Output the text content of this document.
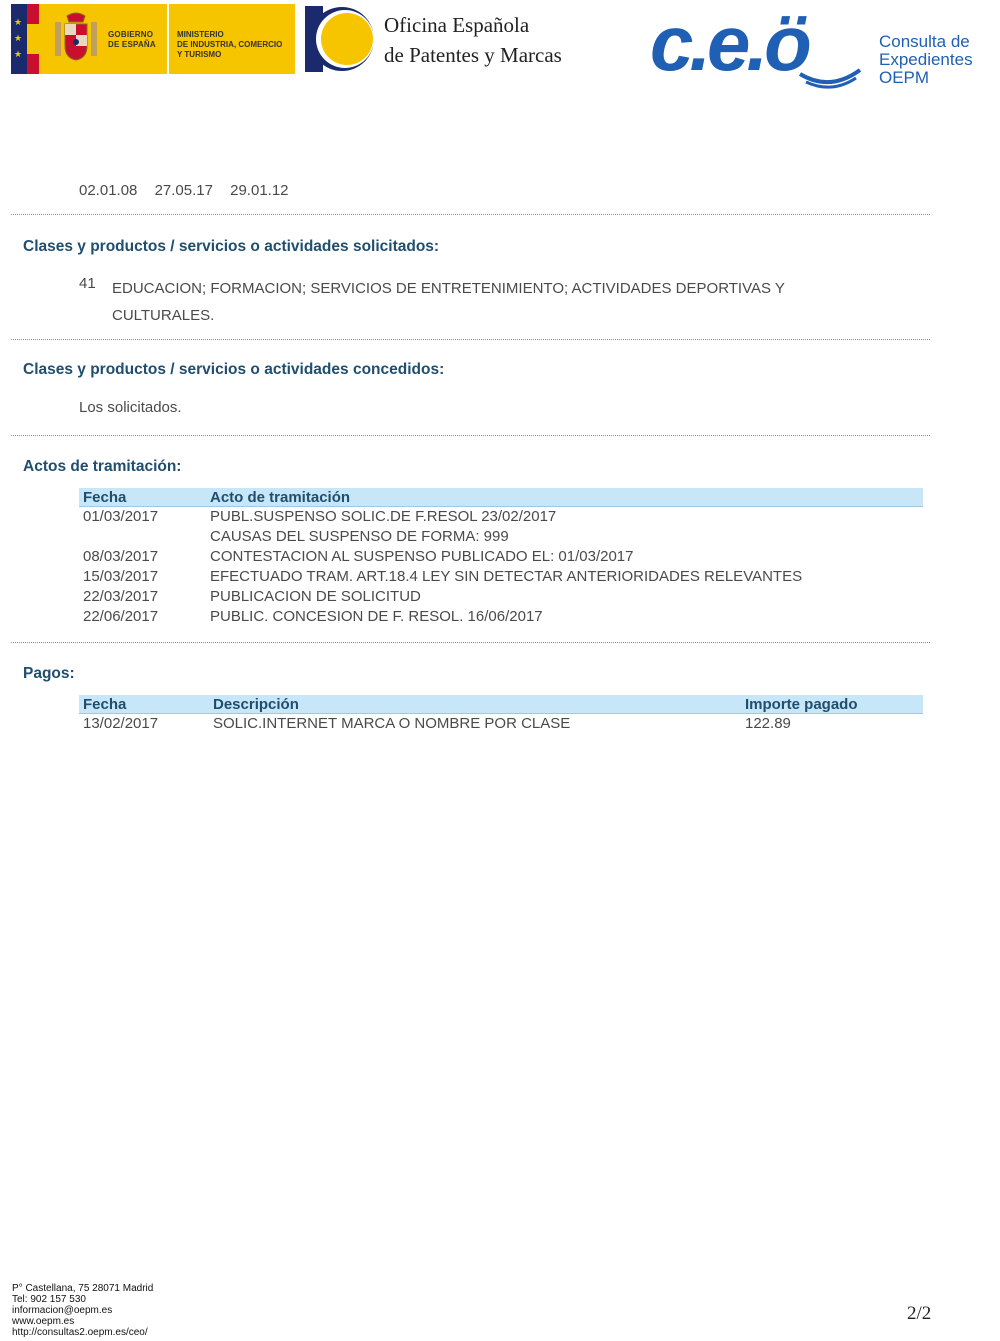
★
★
★
GOBIERNO
DE ESPAÑA
MINISTERIO
DE INDUSTRIA, COMERCIO
Y TURISMO
Oficina Española
de Patentes y Marcas c.e.ö	Consulta de
Expedientes
OEPM
02.01.08 27.05.17 29.01.12
Clases y productos / servicios o actividades solicitados:
41 EDUCACION; FORMACION; SERVICIOS DE ENTRETENIMIENTO; ACTIVIDADES DEPORTIVAS Y CULTURALES.
Clases y productos / servicios o actividades concedidos:
Los solicitados.
Actos de tramitación:
Fecha	Acto de tramitación
01/03/2017	PUBL.SUSPENSO SOLIC.DE F.RESOL 23/02/2017
	CAUSAS DEL SUSPENSO DE FORMA: 999
08/03/2017	CONTESTACION AL SUSPENSO PUBLICADO EL: 01/03/2017
15/03/2017	EFECTUADO TRAM. ART.18.4 LEY SIN DETECTAR ANTERIORIDADES RELEVANTES
22/03/2017	PUBLICACION DE SOLICITUD
22/06/2017	PUBLIC. CONCESION DE F. RESOL. 16/06/2017
Pagos:
Fecha	Descripción	Importe pagado
13/02/2017	SOLIC.INTERNET MARCA O NOMBRE POR CLASE	122.89
P° Castellana, 75 28071 Madrid
Tel: 902 157 530
informacion@oepm.es
www.oepm.es
http://consultas2.oepm.es/ceo/
2/2
